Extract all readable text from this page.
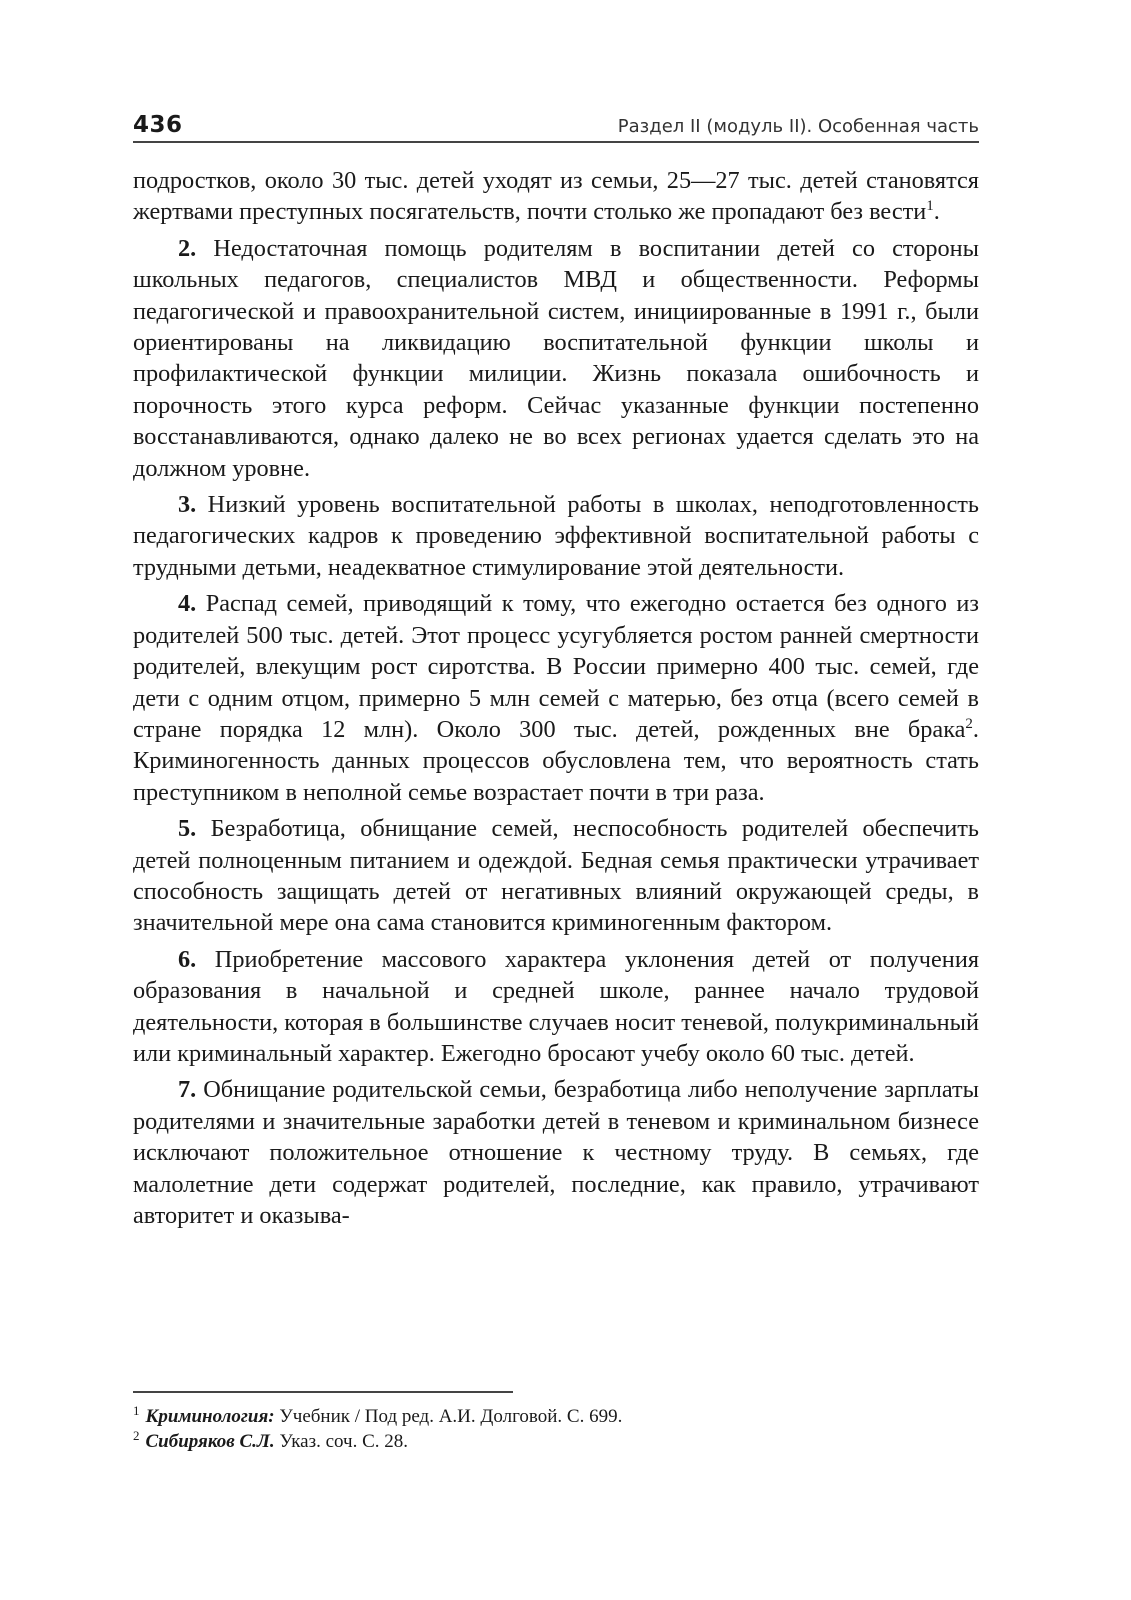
436	Раздел II (модуль II). Особенная часть

подростков, около 30 тыс. детей уходят из семьи, 25—27 тыс. детей становятся жертвами преступных посягательств, почти столько же пропадают без вести$^1$.

2. Недостаточная помощь родителям в воспитании детей со стороны школьных педагогов, специалистов МВД и общественности. Реформы педагогической и правоохранительной систем, инициированные в 1991 г., были ориентированы на ликвидацию воспитательной функции школы и профилактической функции милиции. Жизнь показала ошибочность и порочность этого курса реформ. Сейчас указанные функции постепенно восстанавливаются, однако далеко не во всех регионах удается сделать это на должном уровне.

3. Низкий уровень воспитательной работы в школах, неподготовленность педагогических кадров к проведению эффективной воспитательной работы с трудными детьми, неадекватное стимулирование этой деятельности.

4. Распад семей, приводящий к тому, что ежегодно остается без одного из родителей 500 тыс. детей. Этот процесс усугубляется ростом ранней смертности родителей, влекущим рост сиротства. В России примерно 400 тыс. семей, где дети с одним отцом, примерно 5 млн семей с матерью, без отца (всего семей в стране порядка 12 млн). Около 300 тыс. детей, рожденных вне брака$^2$. Криминогенность данных процессов обусловлена тем, что вероятность стать преступником в неполной семье возрастает почти в три раза.

5. Безработица, обнищание семей, неспособность родителей обеспечить детей полноценным питанием и одеждой. Бедная семья практически утрачивает способность защищать детей от негативных влияний окружающей среды, в значительной мере она сама становится криминогенным фактором.

6. Приобретение массового характера уклонения детей от получения образования в начальной и средней школе, раннее начало трудовой деятельности, которая в большинстве случаев носит теневой, полукриминальный или криминальный характер. Ежегодно бросают учебу около 60 тыс. детей.

7. Обнищание родительской семьи, безработица либо неполучение зарплаты родителями и значительные заработки детей в теневом и криминальном бизнесе исключают положительное отношение к честному труду. В семьях, где малолетние дети содержат родителей, последние, как правило, утрачивают авторитет и оказыва-

$^1$ Криминология: Учебник / Под ред. А.И. Долговой. С. 699.

$^2$ Сибиряков С.Л. Указ. соч. С. 28.
